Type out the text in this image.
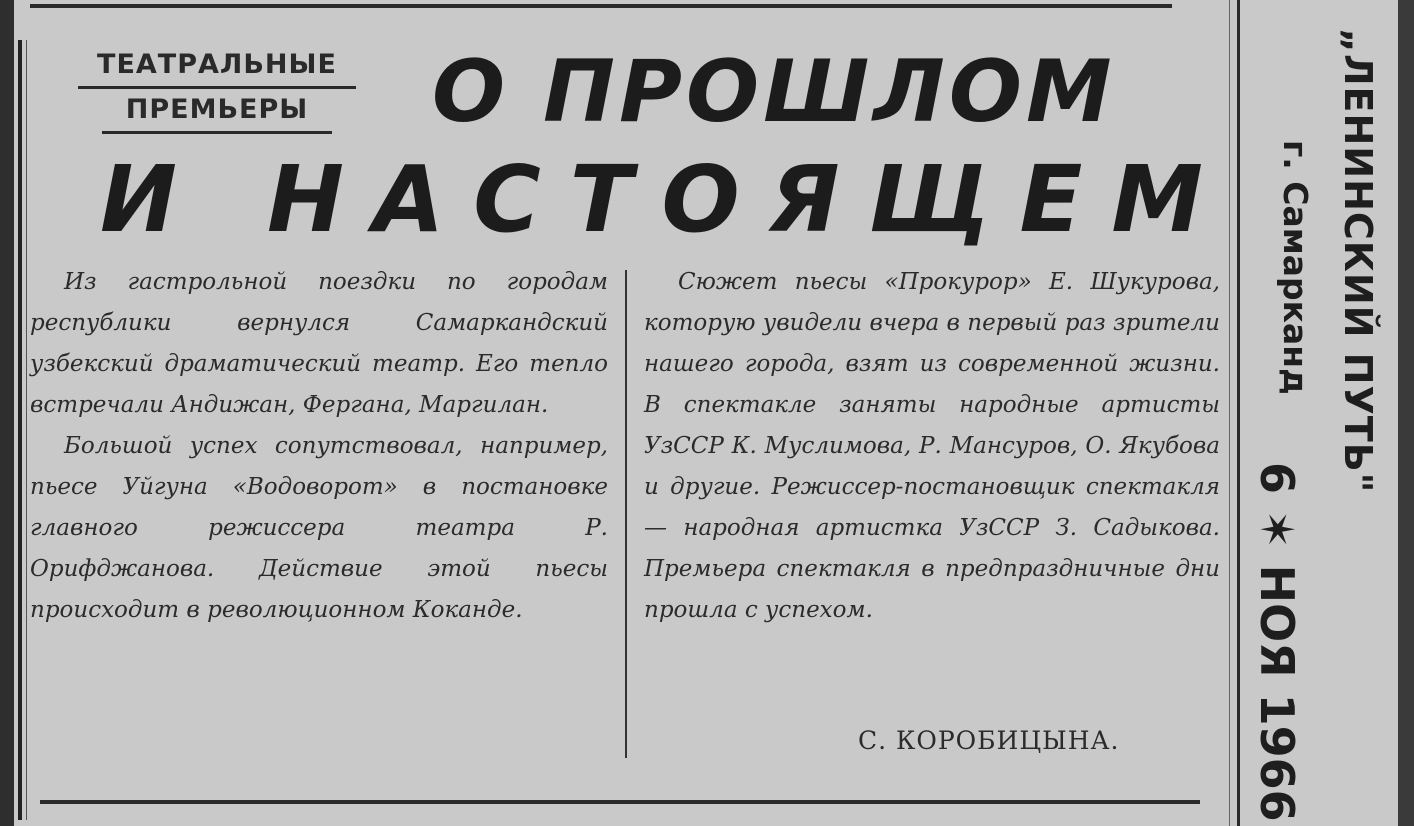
ТЕАТРАЛЬНЫЕ
ПРЕМЬЕРЫ	О ПРОШЛОМ
И НАСТОЯЩЕМ

Из гастрольной поездки по городам республики вернулся Самаркандский узбекский драматический театр. Его тепло встречали Андижан, Фергана, Маргилан.

Большой успех сопутствовал, например, пьесе Уйгуна «Водоворот» в постановке главного режиссера театра Р. Орифджанова. Действие этой пьесы происходит в революционном Коканде.

Сюжет пьесы «Прокурор» Е. Шукурова, которую увидели вчера в первый раз зрители нашего города, взят из современной жизни. В спектакле заняты народные артисты УзССР К. Муслимова, Р. Мансуров, О. Якубова и другие. Режиссер-постановщик спектакля — народная артистка УзССР З. Садыкова. Премьера спектакля в предпраздничные дни прошла с успехом.

С. КОРОБИЦЫНА.
„ЛЕНИНСКИЙ ПУТЬ"
г. Самарканд
6 ✶ НОЯ 1966
